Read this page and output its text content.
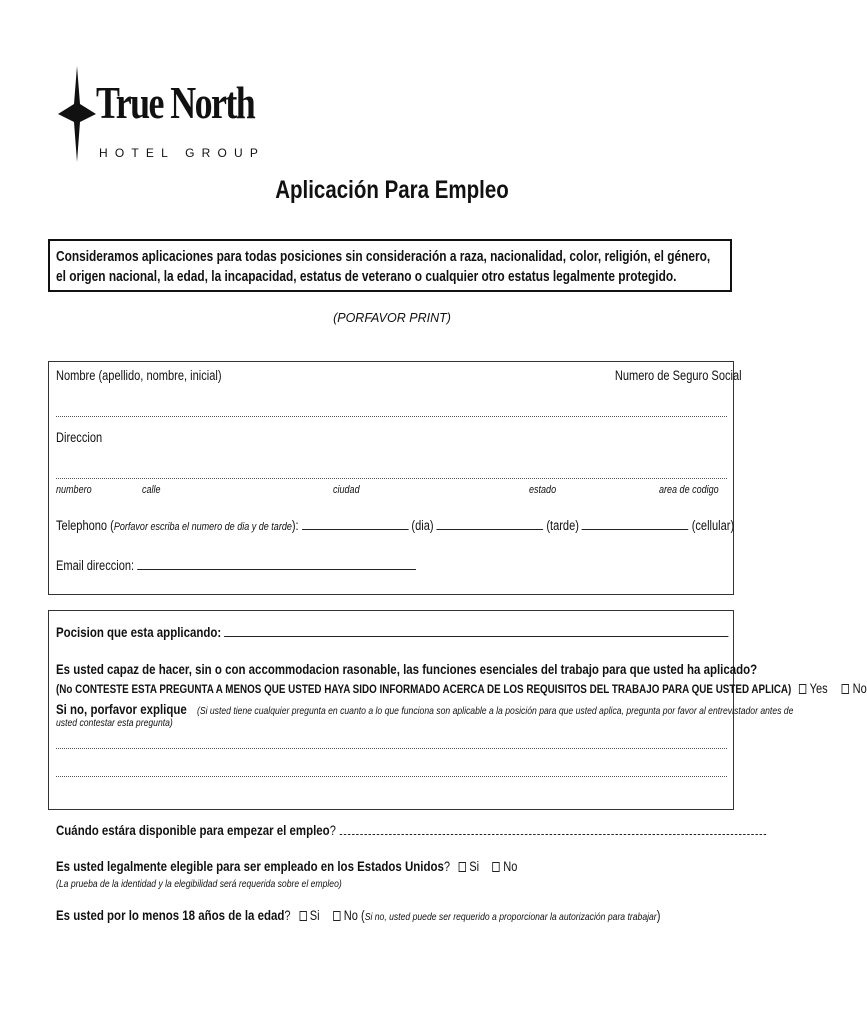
True North
HOTEL GROUP
Aplicación Para Empleo
Consideramos aplicaciones para todas posiciones sin consideración a raza, nacionalidad, color, religión, el género, el origen nacional, la edad, la incapacidad, estatus de veterano o cualquier otro estatus legalmente protegido.
(PORFAVOR PRINT)
Nombre (apellido, nombre, inicial)	Numero de Seguro Social
Direccion
numbero	calle	ciudad	estado	area de codigo
Telephono (Porfavor escriba el numero de dia y de tarde):	(dia)	(tarde)	(cellular)
Email direccion:
Pocision que esta applicando:
Es usted capaz de hacer, sin o con accommodacion rasonable, las funciones esenciales del trabajo para que usted ha aplicado?
(No CONTESTE ESTA PREGUNTA A MENOS QUE USTED HAYA SIDO INFORMADO ACERCA DE LOS REQUISITOS DEL TRABAJO PARA QUE USTED APLICA) Yes No
Si no, porfavor explique (Si usted tiene cualquier pregunta en cuanto a lo que funciona son aplicable a la posición para que usted aplica, pregunta por favor al entrevistador antes de
usted contestar esta pregunta)
Cuándo estára disponible para empezar el empleo?
Es usted legalmente elegible para ser empleado en los Estados Unidos? Si No
(La prueba de la identidad y la elegibilidad será requerida sobre el empleo)
Es usted por lo menos 18 años de la edad? Si No (Si no, usted puede ser requerido a proporcionar la autorización para trabajar)
